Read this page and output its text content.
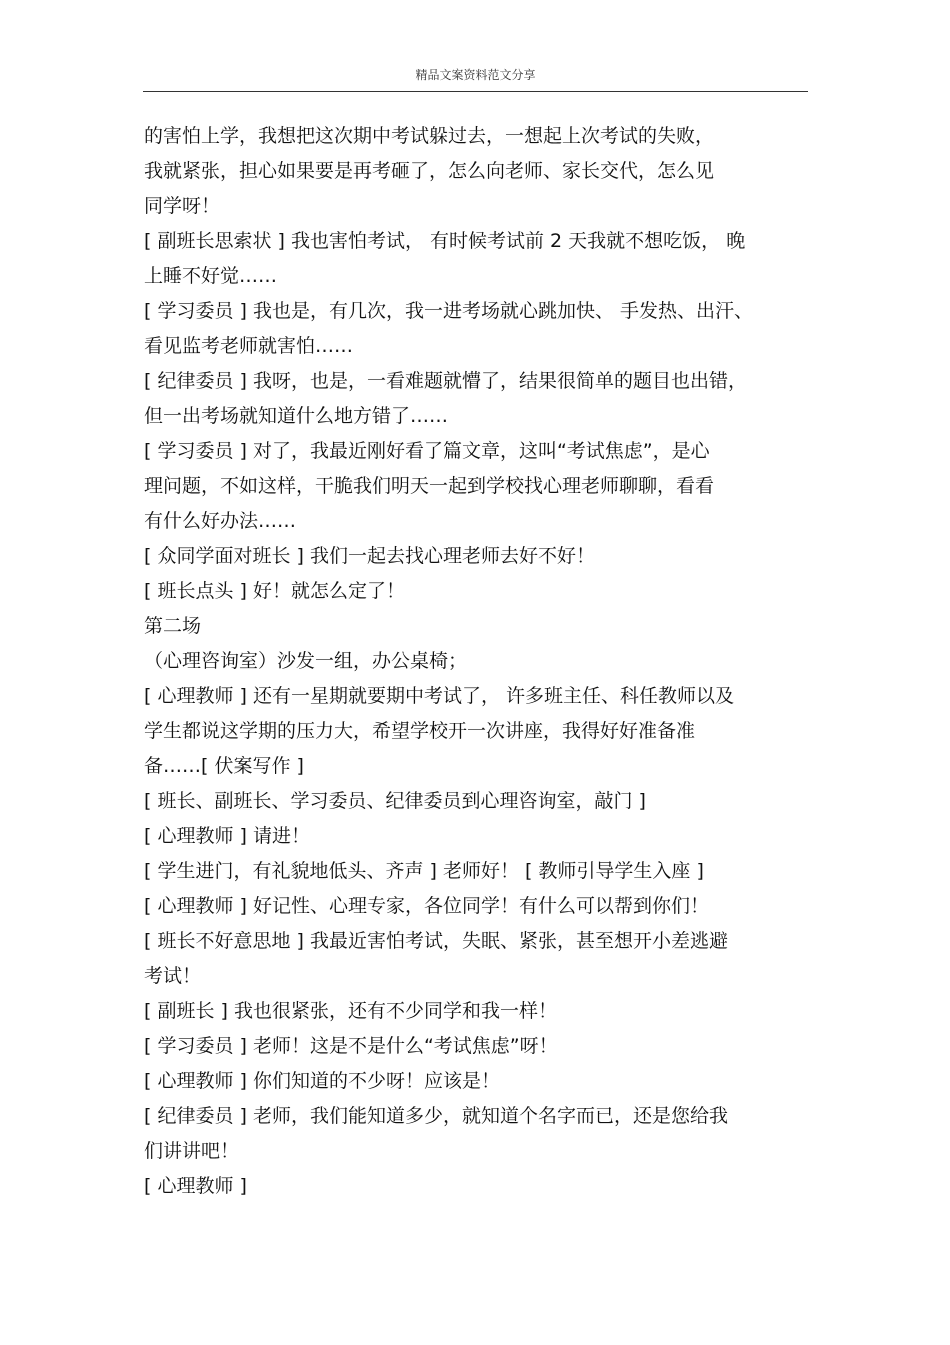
精品文案资料范文分享
的害怕上学，我想把这次期中考试躲过去，一想起上次考试的失败，
我就紧张，担心如果要是再考砸了，怎么向老师、家长交代，怎么见
同学呀！
[ 副班长思索状 ] 我也害怕考试， 有时候考试前 2 天我就不想吃饭， 晚
上睡不好觉……
[ 学习委员 ] 我也是，有几次，我一进考场就心跳加快、 手发热、出汗、
看见监考老师就害怕……
[ 纪律委员 ] 我呀，也是，一看难题就懵了，结果很简单的题目也出错，
但一出考场就知道什么地方错了……
[ 学习委员 ] 对了，我最近刚好看了篇文章，这叫“考试焦虑”，是心
理问题，不如这样，干脆我们明天一起到学校找心理老师聊聊，看看
有什么好办法……
[ 众同学面对班长 ] 我们一起去找心理老师去好不好！
[ 班长点头 ] 好！就怎么定了！
第二场
（心理咨询室）沙发一组，办公桌椅；
[ 心理教师 ] 还有一星期就要期中考试了， 许多班主任、科任教师以及
学生都说这学期的压力大，希望学校开一次讲座，我得好好准备准
备……[ 伏案写作 ]
[ 班长、副班长、学习委员、纪律委员到心理咨询室，敲门 ]
[ 心理教师 ] 请进！
[ 学生进门，有礼貌地低头、齐声 ] 老师好！ [ 教师引导学生入座 ]
[ 心理教师 ] 好记性、心理专家，各位同学！有什么可以帮到你们！
[ 班长不好意思地 ] 我最近害怕考试，失眠、紧张，甚至想开小差逃避
考试！
[ 副班长 ] 我也很紧张，还有不少同学和我一样！
[ 学习委员 ] 老师！这是不是什么“考试焦虑”呀！
[ 心理教师 ] 你们知道的不少呀！应该是！
[ 纪律委员 ] 老师，我们能知道多少，就知道个名字而已，还是您给我
们讲讲吧！
[ 心理教师 ]
